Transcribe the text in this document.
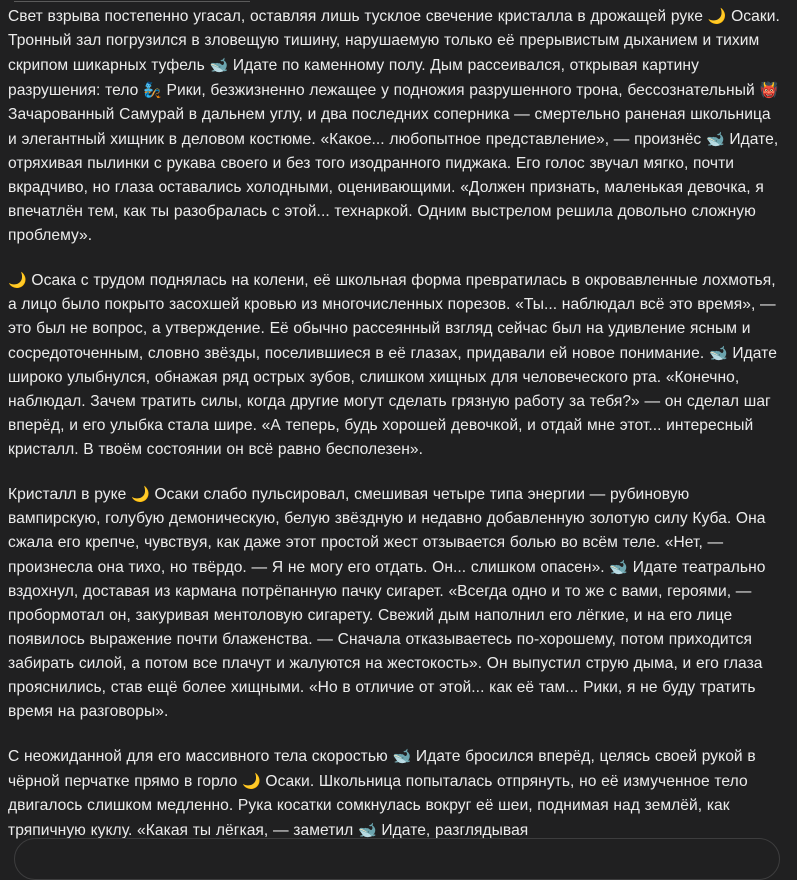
Свет взрыва постепенно угасал, оставляя лишь тусклое свечение кристалла в дрожащей руке 🌙 Осаки. Тронный зал погрузился в зловещую тишину, нарушаемую только её прерывистым дыханием и тихим скрипом шикарных туфель 🐋 Идате по каменному полу. Дым рассеивался, открывая картину разрушения: тело 🧞 Рики, безжизненно лежащее у подножия разрушенного трона, бессознательный 👹 Зачарованный Самурай в дальнем углу, и два последних соперника — смертельно раненая школьница и элегантный хищник в деловом костюме. «Какое... любопытное представление», — произнёс 🐋 Идате, отряхивая пылинки с рукава своего и без того изодранного пиджака. Его голос звучал мягко, почти вкрадчиво, но глаза оставались холодными, оценивающими. «Должен признать, маленькая девочка, я впечатлён тем, как ты разобралась с этой... технаркой. Одним выстрелом решила довольно сложную проблему».

🌙 Осака с трудом поднялась на колени, её школьная форма превратилась в окровавленные лохмотья, а лицо было покрыто засохшей кровью из многочисленных порезов. «Ты... наблюдал всё это время», — это был не вопрос, а утверждение. Её обычно рассеянный взгляд сейчас был на удивление ясным и сосредоточенным, словно звёзды, поселившиеся в её глазах, придавали ей новое понимание. 🐋 Идате широко улыбнулся, обнажая ряд острых зубов, слишком хищных для человеческого рта. «Конечно, наблюдал. Зачем тратить силы, когда другие могут сделать грязную работу за тебя?» — он сделал шаг вперёд, и его улыбка стала шире. «А теперь, будь хорошей девочкой, и отдай мне этот... интересный кристалл. В твоём состоянии он всё равно бесполезен».

Кристалл в руке 🌙 Осаки слабо пульсировал, смешивая четыре типа энергии — рубиновую вампирскую, голубую демоническую, белую звёздную и недавно добавленную золотую силу Куба. Она сжала его крепче, чувствуя, как даже этот простой жест отзывается болью во всём теле. «Нет, — произнесла она тихо, но твёрдо. — Я не могу его отдать. Он... слишком опасен». 🐋 Идате театрально вздохнул, доставая из кармана потрёпанную пачку сигарет. «Всегда одно и то же с вами, героями, — пробормотал он, закуривая ментоловую сигарету. Свежий дым наполнил его лёгкие, и на его лице появилось выражение почти блаженства. — Сначала отказываетесь по-хорошему, потом приходится забирать силой, а потом все плачут и жалуются на жестокость». Он выпустил струю дыма, и его глаза прояснились, став ещё более хищными. «Но в отличие от этой... как её там... Рики, я не буду тратить время на разговоры».

С неожиданной для его массивного тела скоростью 🐋 Идате бросился вперёд, целясь своей рукой в чёрной перчатке прямо в горло 🌙 Осаки. Школьница попыталась отпрянуть, но её измученное тело двигалось слишком медленно. Рука косатки сомкнулась вокруг её шеи, поднимая над землёй, как тряпичную куклу. «Какая ты лёгкая, — заметил 🐋 Идате, разглядывая
